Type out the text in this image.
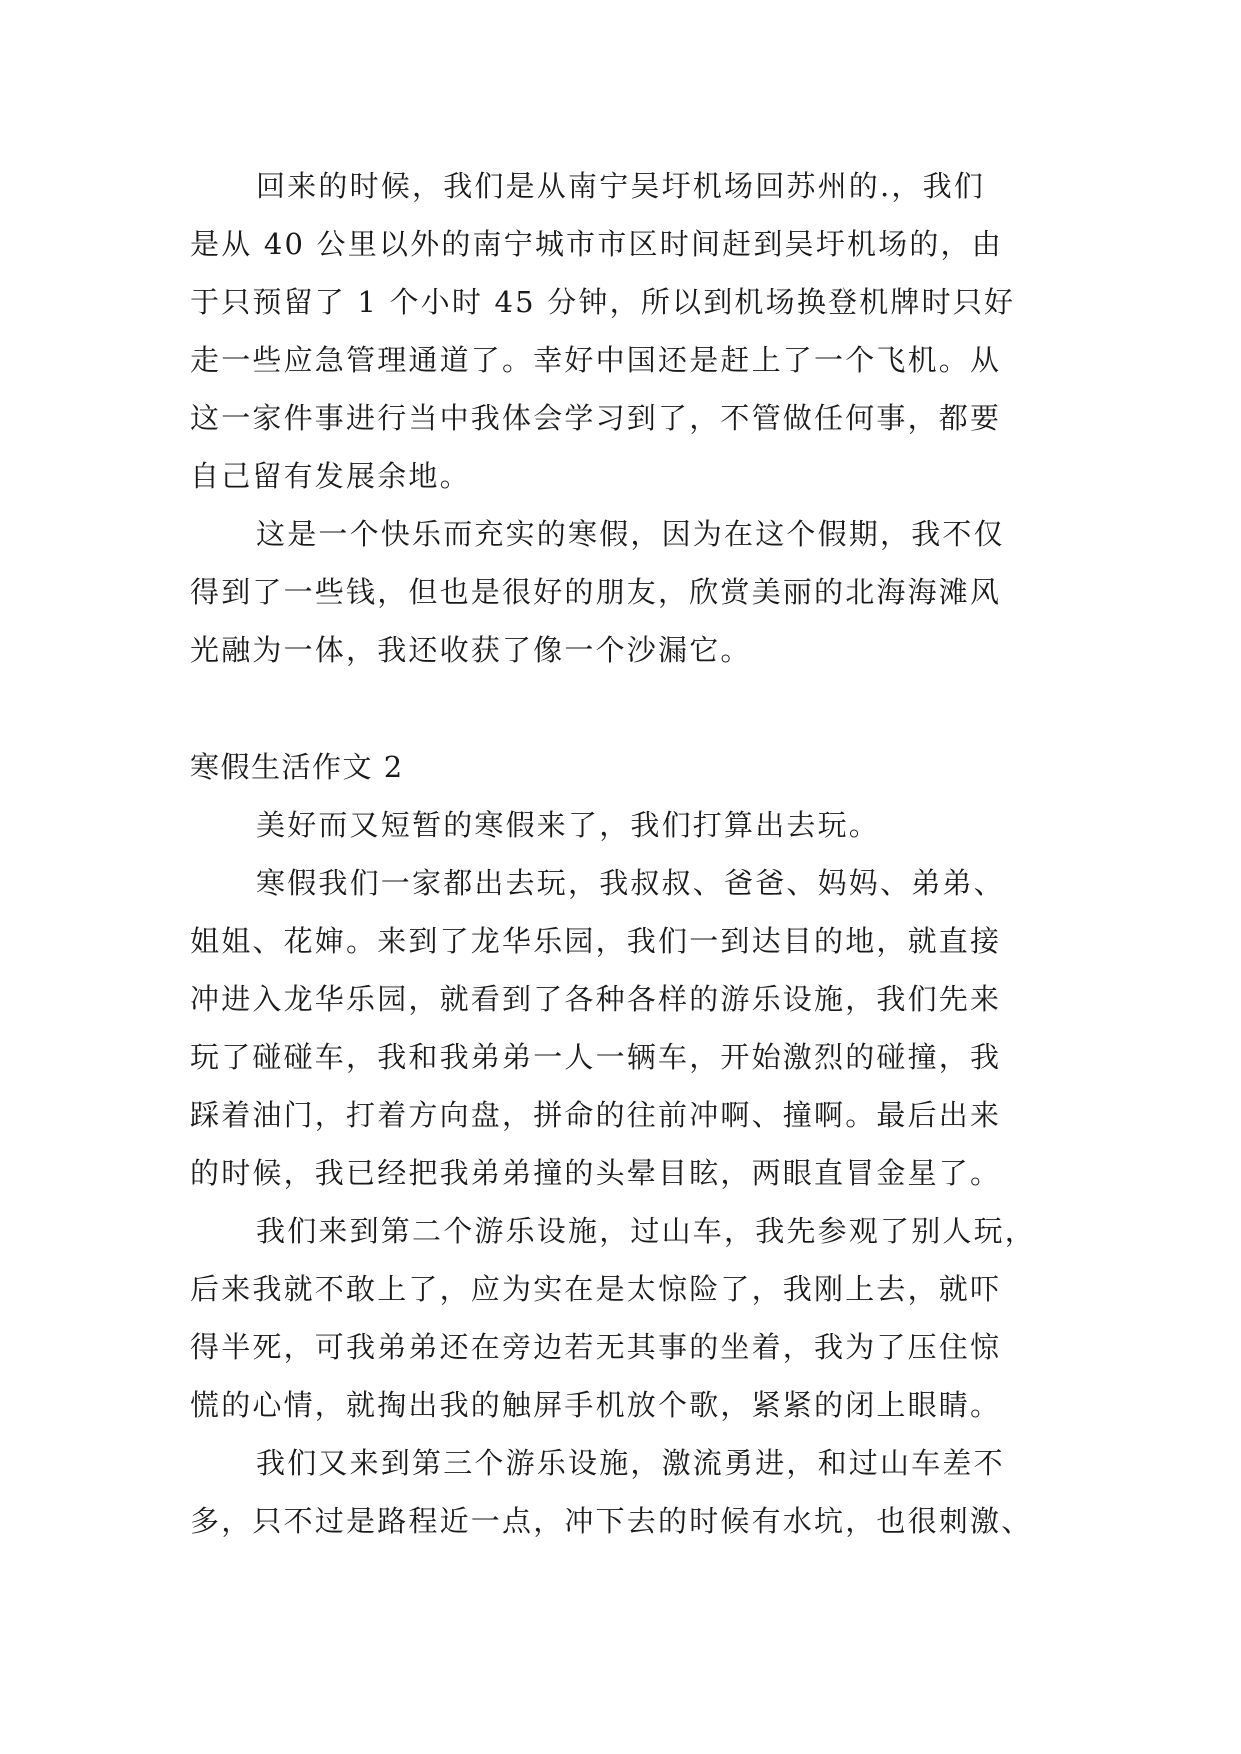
回来的时候，我们是从南宁吴圩机场回苏州的.，我们
是从 40 公里以外的南宁城市市区时间赶到吴圩机场的，由
于只预留了 1 个小时 45 分钟，所以到机场换登机牌时只好
走一些应急管理通道了。幸好中国还是赶上了一个飞机。从
这一家件事进行当中我体会学习到了，不管做任何事，都要
自己留有发展余地。
这是一个快乐而充实的寒假，因为在这个假期，我不仅
得到了一些钱，但也是很好的朋友，欣赏美丽的北海海滩风
光融为一体，我还收获了像一个沙漏它。
寒假生活作文 2
美好而又短暂的寒假来了，我们打算出去玩。
寒假我们一家都出去玩，我叔叔、爸爸、妈妈、弟弟、
姐姐、花婶。来到了龙华乐园，我们一到达目的地，就直接
冲进入龙华乐园，就看到了各种各样的游乐设施，我们先来
玩了碰碰车，我和我弟弟一人一辆车，开始激烈的碰撞，我
踩着油门，打着方向盘，拼命的往前冲啊、撞啊。最后出来
的时候，我已经把我弟弟撞的头晕目眩，两眼直冒金星了。
我们来到第二个游乐设施，过山车，我先参观了别人玩，
后来我就不敢上了，应为实在是太惊险了，我刚上去，就吓
得半死，可我弟弟还在旁边若无其事的坐着，我为了压住惊
慌的心情，就掏出我的触屏手机放个歌，紧紧的闭上眼睛。
我们又来到第三个游乐设施，激流勇进，和过山车差不
多，只不过是路程近一点，冲下去的时候有水坑，也很刺激、
